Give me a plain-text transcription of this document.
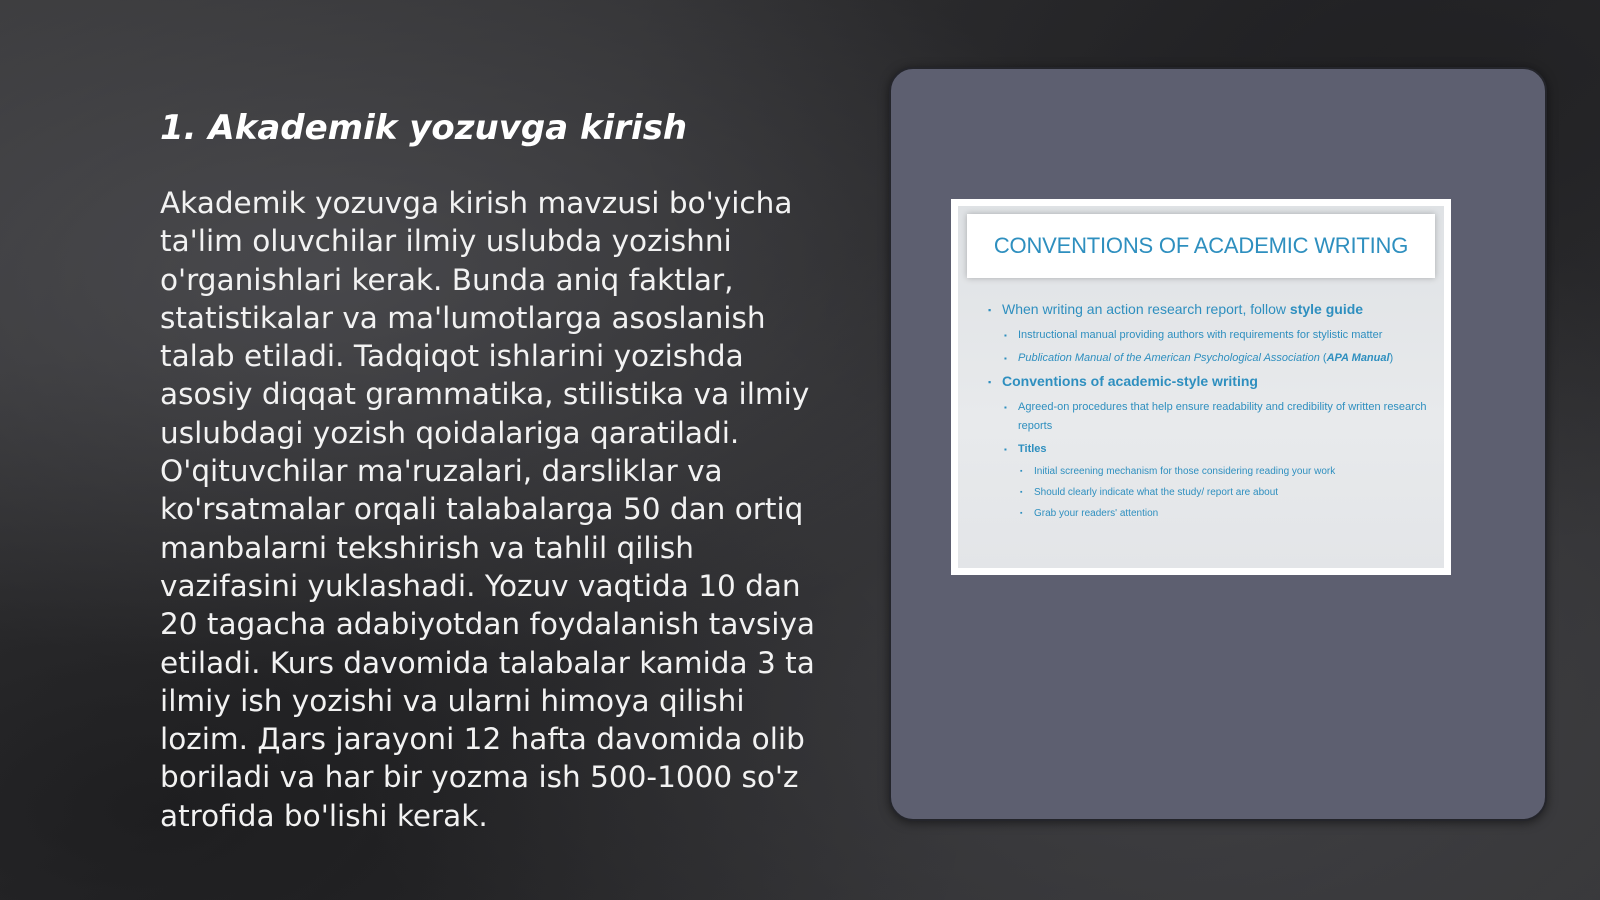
1. Akademik yozuvga kirish

Akademik yozuvga kirish mavzusi bo'yicha ta'lim oluvchilar ilmiy uslubda yozishni o'rganishlari kerak. Bunda aniq faktlar, statistikalar va ma'lumotlarga asoslanish talab etiladi. Tadqiqot ishlarini yozishda asosiy diqqat grammatika, stilistika va ilmiy uslubdagi yozish qoidalariga qaratiladi. O'qituvchilar ma'ruzalari, darsliklar va ko'rsatmalar orqali talabalarga 50 dan ortiq manbalarni tekshirish va tahlil qilish vazifasini yuklashadi. Yozuv vaqtida 10 dan 20 tagacha adabiyotdan foydalanish tavsiya etiladi. Kurs davomida talabalar kamida 3 ta ilmiy ish yozishi va ularni himoya qilishi lozim. Дars jarayoni 12 hafta davomida olib boriladi va har bir yozma ish 500-1000 so'z atrofida bo'lishi kerak.

CONVENTIONS OF ACADEMIC WRITING
▪ When writing an action research report, follow style guide
▪ Instructional manual providing authors with requirements for stylistic matter
▪ Publication Manual of the American Psychological Association (APA Manual)
▪ Conventions of academic-style writing
▪ Agreed-on procedures that help ensure readability and credibility of written research reports
▪ Titles
▪ Initial screening mechanism for those considering reading your work
▪ Should clearly indicate what the study/ report are about
▪ Grab your readers' attention
